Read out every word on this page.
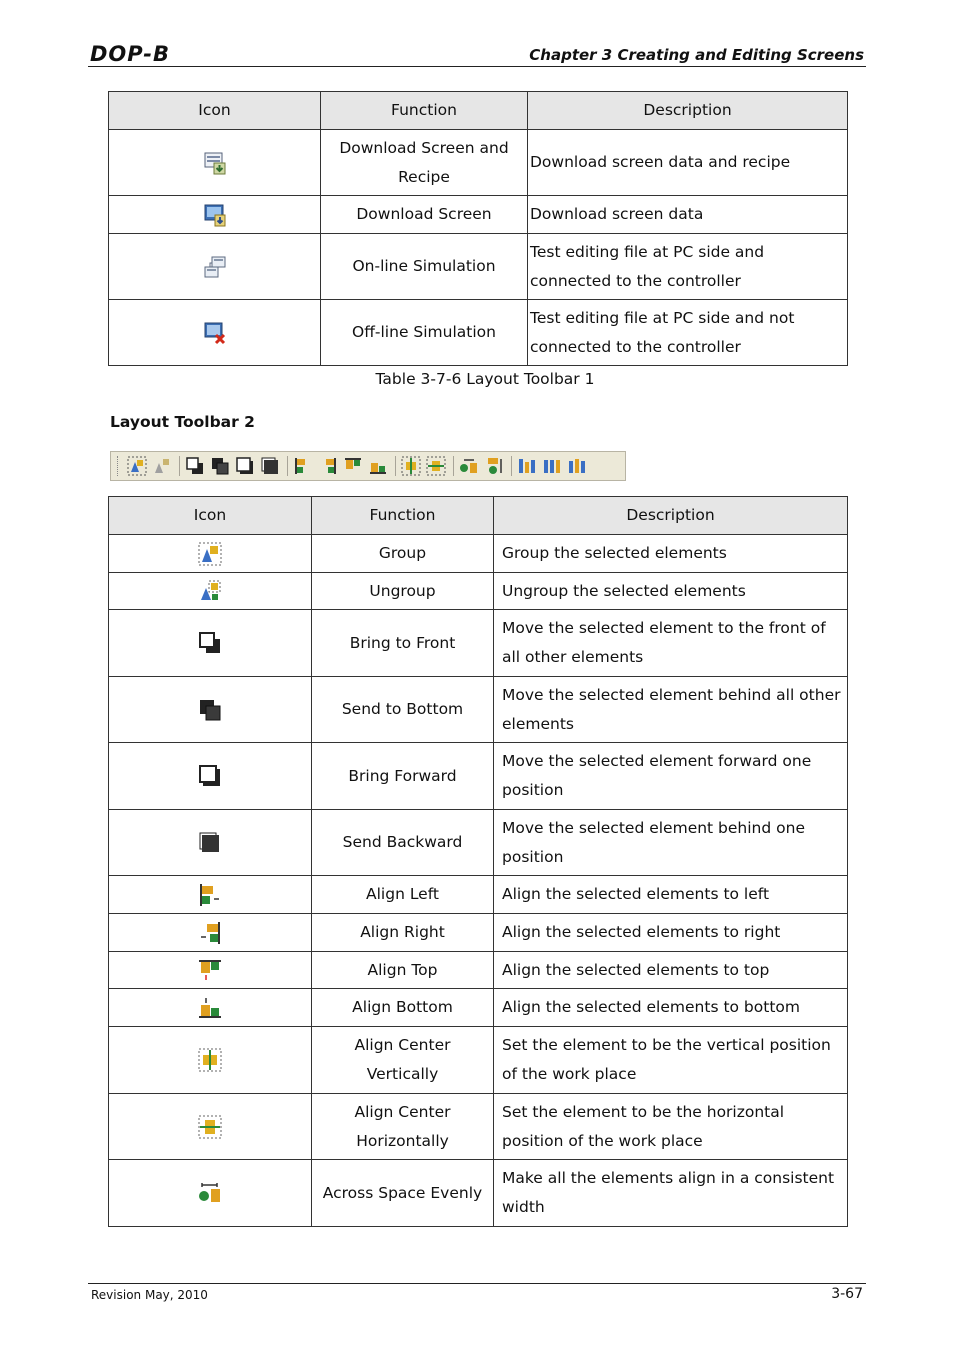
DOP-B	Chapter 3 Creating and Editing Screens
Icon	Function	Description
	Download Screen and Recipe	Download screen data and recipe
	Download Screen	Download screen data
	On-line Simulation	Test editing file at PC side and connected to the controller
	Off-line Simulation	Test editing file at PC side and not connected to the controller
Table 3-7-6 Layout Toolbar 1
Layout Toolbar 2
Icon	Function	Description
	Group	Group the selected elements
	Ungroup	Ungroup the selected elements
	Bring to Front	Move the selected element to the front of all other elements
	Send to Bottom	Move the selected element behind all other elements
	Bring Forward	Move the selected element forward one position
	Send Backward	Move the selected element behind one position
	Align Left	Align the selected elements to left
	Align Right	Align the selected elements to right
	Align Top	Align the selected elements to top
	Align Bottom	Align the selected elements to bottom
	Align Center Vertically	Set the element to be the vertical position of the work place
	Align Center Horizontally	Set the element to be the horizontal position of the work place
	Across Space Evenly	Make all the elements align in a consistent width
Revision May, 2010	3-67
